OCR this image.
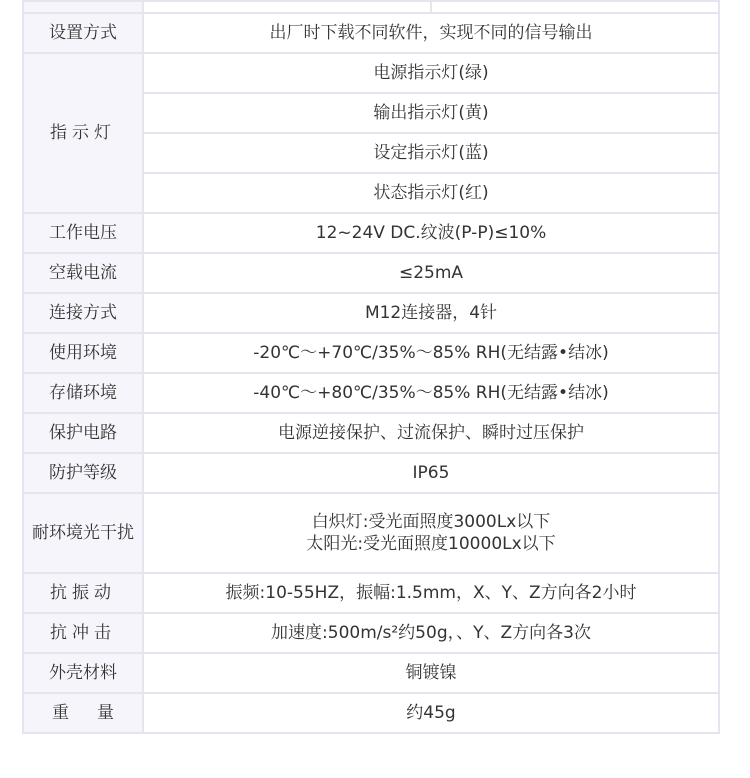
设置方式	出厂时下载不同软件，实现不同的信号输出
指示灯	电源指示灯(绿)
	输出指示灯(黄)
	设定指示灯(蓝)
	状态指示灯(红)
工作电压	12~24V DC.纹波(P-P)≤10%
空载电流	≤25mA
连接方式	M12连接器，4针
使用环境	-20℃～+70℃/35%～85% RH(无结露•结冰)
存储环境	-40℃～+80℃/35%～85% RH(无结露•结冰)
保护电路	电源逆接保护、过流保护、瞬时过压保护
防护等级	IP65
耐环境光干扰	白炽灯:受光面照度3000Lx以下
太阳光:受光面照度10000Lx以下

抗振动	振频:10-55HZ，振幅:1.5mm，X、Y、Z方向各2小时
抗冲击	加速度:500m/s²约50g，、Y、Z方向各3次
外壳材料	铜镀镍
重量	约45g
